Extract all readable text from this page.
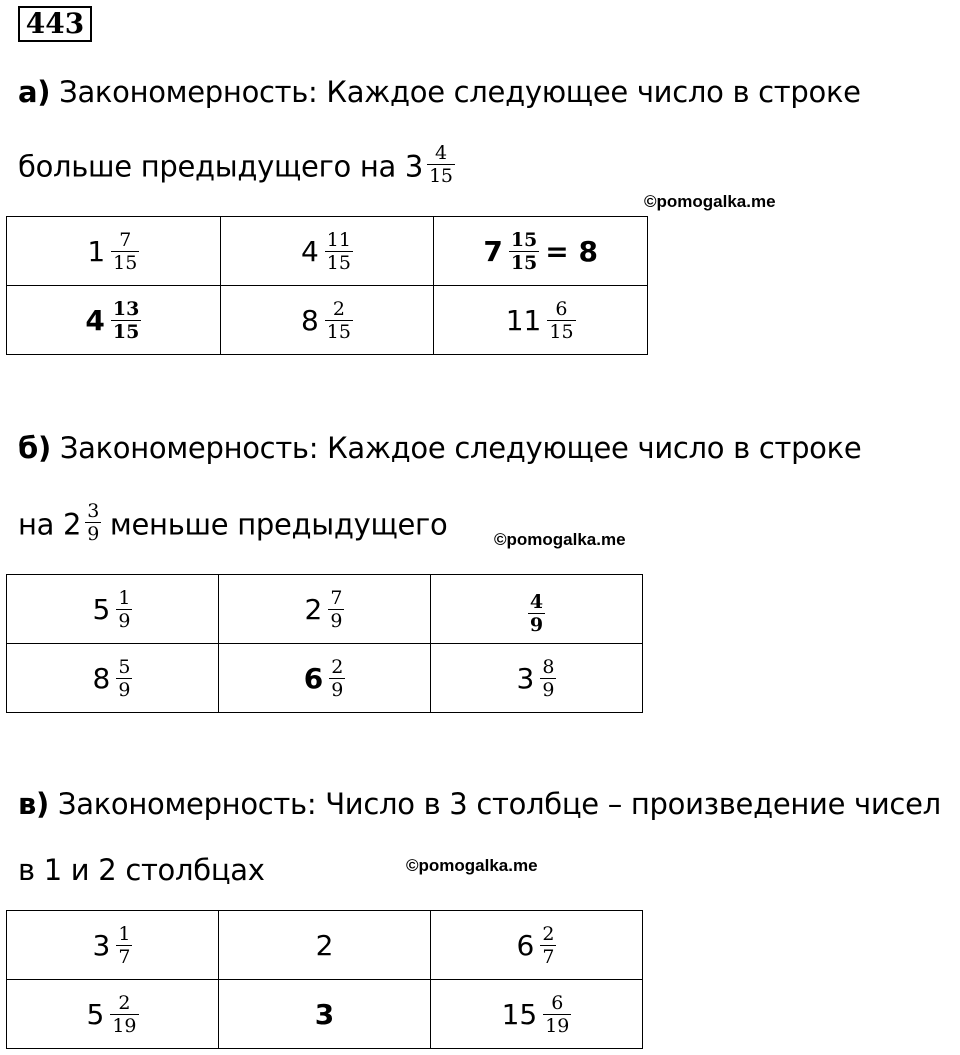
443
а) Закономерность: Каждое следующее число в строке
больше предыдущего на $3 \frac{4}{15}$
©pomogalka.me
$1 \frac{7}{15}$	$4 \frac{11}{15}$	$7 \frac{15}{15} = 8$

$4 \frac{13}{15}$	$8 \frac{2}{15}$	$11 \frac{6}{15}$
б) Закономерность: Каждое следующее число в строке
на $2 \frac{3}{9}$ меньше предыдущего	©pomogalka.me
$5 \frac{1}{9}$	$2 \frac{7}{9}$	$\frac{4}{9}$

$8 \frac{5}{9}$	$6 \frac{2}{9}$	$3 \frac{8}{9}$
в) Закономерность: Число в 3 столбце – произведение чисел
в 1 и 2 столбцах	©pomogalka.me
$3 \frac{1}{7}$	2	$6 \frac{2}{7}$

$5 \frac{2}{19}$	3	$15 \frac{6}{19}$
